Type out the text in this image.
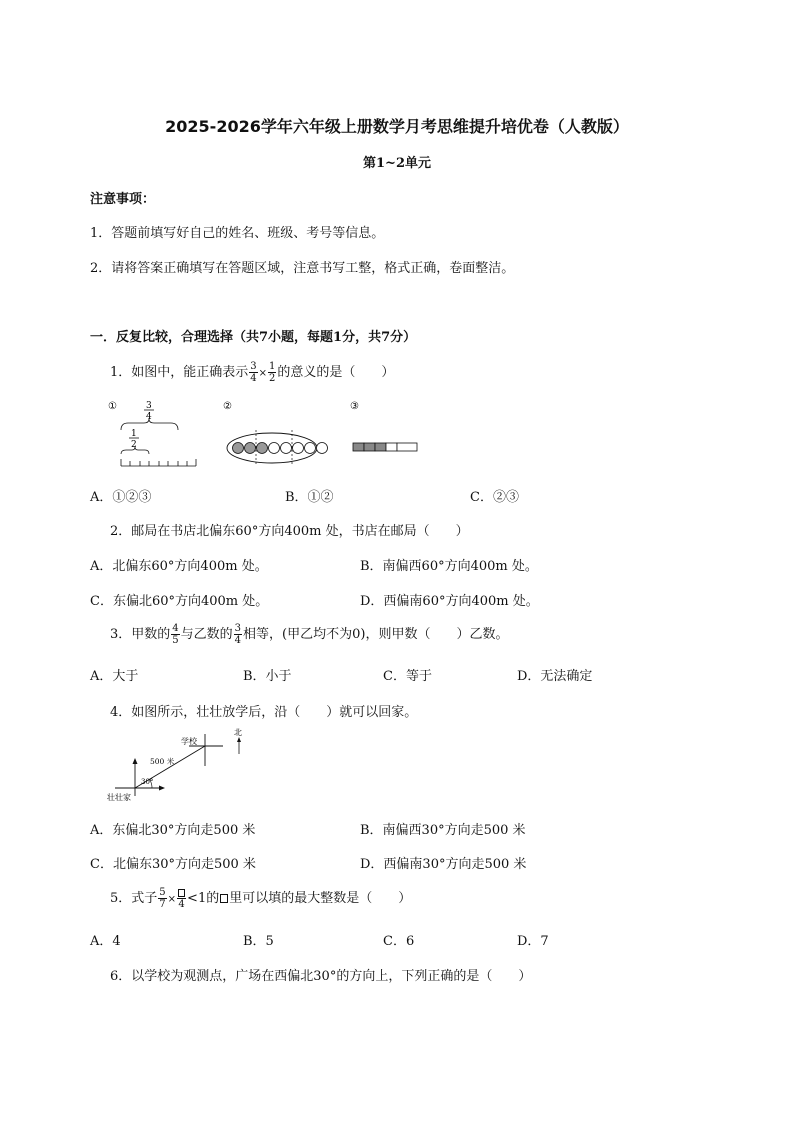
2025-2026学年六年级上册数学月考思维提升培优卷（人教版）
第1~2单元
注意事项：
1．答题前填写好自己的姓名、班级、考号等信息。
2．请将答案正确填写在答题区域，注意书写工整，格式正确，卷面整洁。
一．反复比较，合理选择（共7小题，每题1分，共7分）
1．如图中，能正确表示 $\frac{3}{4} \times \frac{1}{2}$ 的意义的是（　　）
①	3
4
1
2
②	③
A．①②③	B．①②	C．②③
2．邮局在书店北偏东60°方向400m 处，书店在邮局（　　）
A．北偏东60°方向400m 处。	B．南偏西60°方向400m 处。
C．东偏北60°方向400m 处。	D．西偏南60°方向400m 处。
3．甲数的 $\frac{4}{5}$ 与乙数的 $\frac{3}{4}$ 相等，(甲乙均不为0)，则甲数（　　）乙数。
A．大于	B．小于	C．等于	D．无法确定
4．如图所示，壮壮放学后，沿（　　）就可以回家。
北
学校
500 米
30°
壮壮家
A．东偏北30°方向走500 米	B．南偏西30°方向走500 米
C．北偏东30°方向走500 米	D．西偏南30°方向走500 米
5．式子 $\frac{5}{7} \times 4 <1$的 里可以填的最大整数是（　　）
A．4	B．5	C．6	D．7
6．以学校为观测点，广场在西偏北30°的方向上，下列正确的是（　　）
